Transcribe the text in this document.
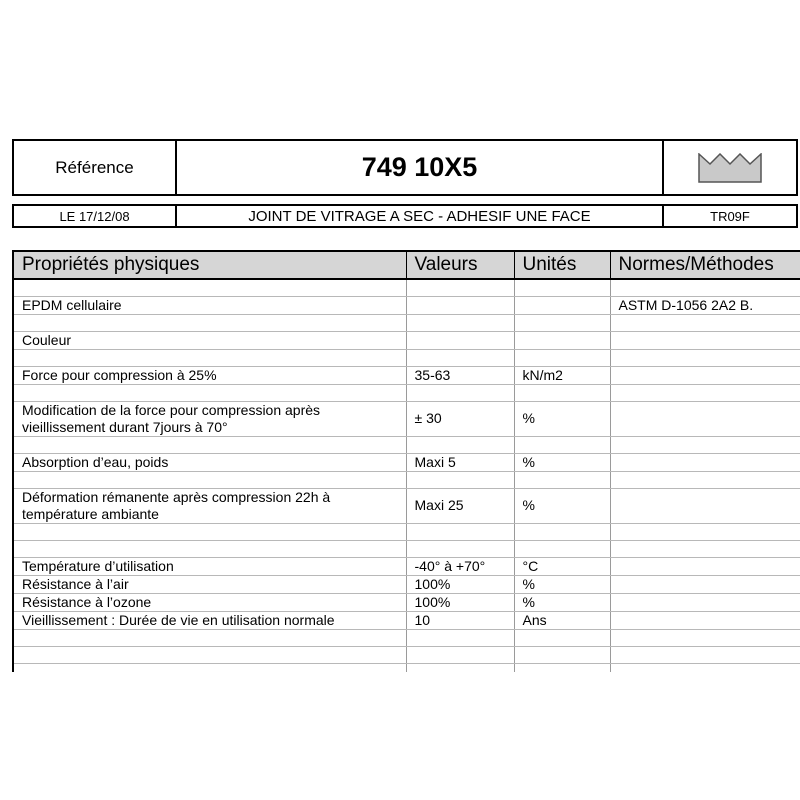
Référence	749 10X5
LE 17/12/08	JOINT DE VITRAGE A SEC - ADHESIF UNE FACE	TR09F
Propriétés physiques	Valeurs	Unités	Normes/Méthodes

EPDM cellulaire			ASTM D-1056 2A2 B.

Couleur			

Force pour compression à 25%	35-63	kN/m2	

Modification de la force pour compression après vieillissement durant 7jours à 70°	± 30	%	

Absorption d’eau, poids	Maxi 5	%	

Déformation rémanente après compression 22h à température ambiante	Maxi 25	%	

Température d’utilisation	-40° à +70°	°C	
Résistance à l’air	100%	%	
Résistance à l’ozone	100%	%	
Vieillissement : Durée de vie en utilisation normale	10	Ans	
